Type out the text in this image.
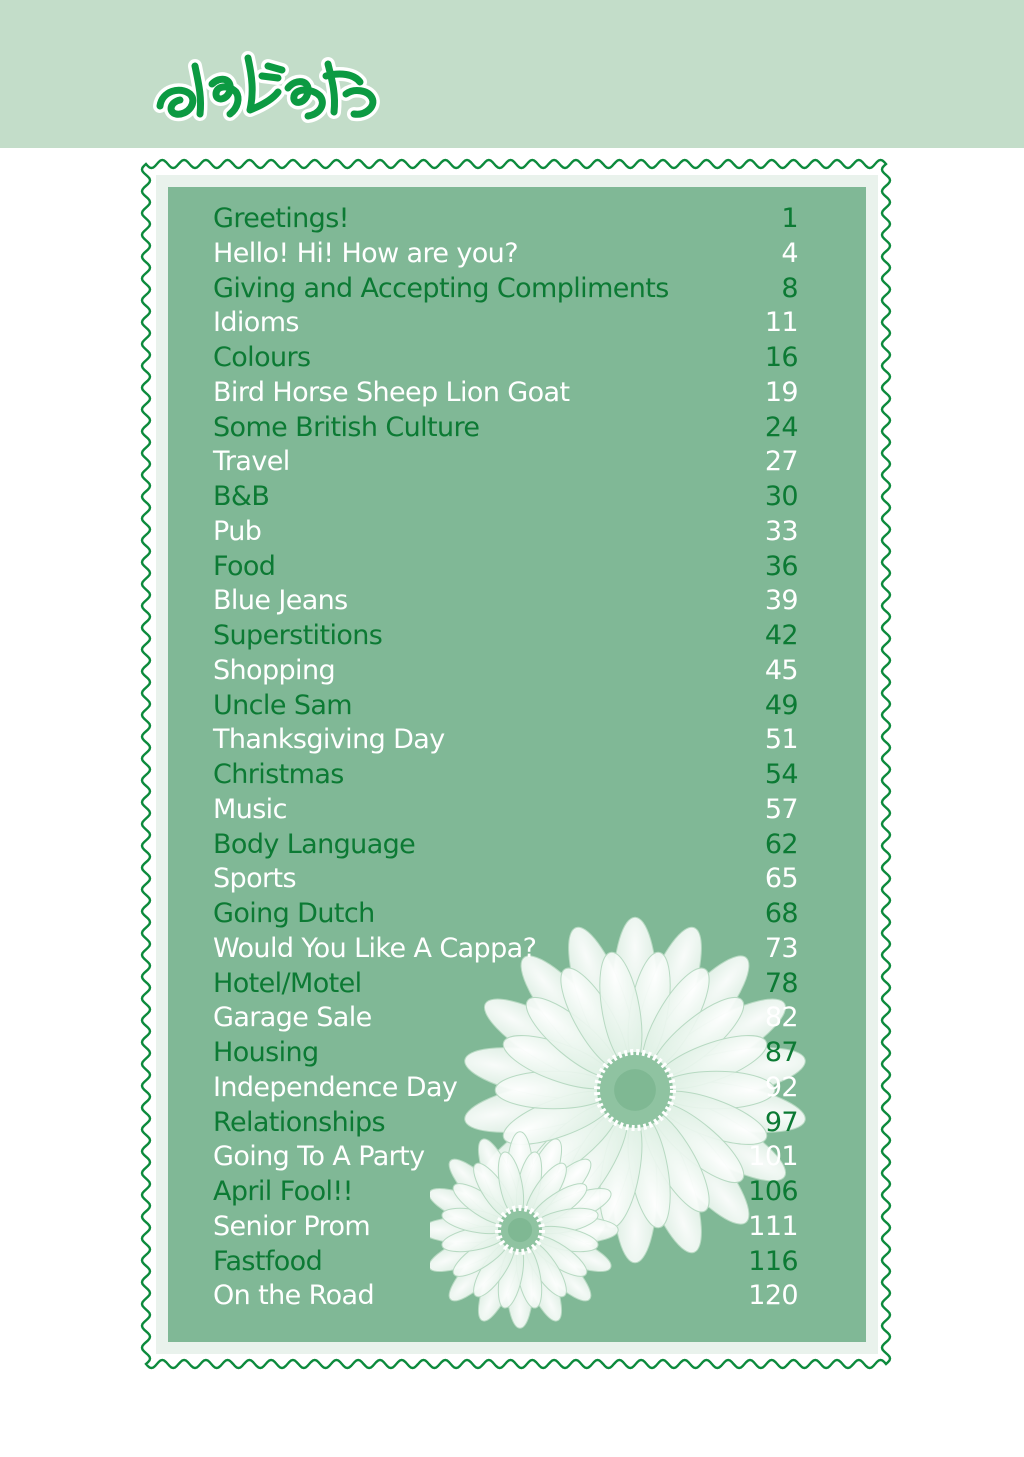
Greetings!	1
Hello! Hi! How are you?	4
Giving and Accepting Compliments	8
Idioms	11
Colours	16
Bird Horse Sheep Lion Goat	19
Some British Culture	24
Travel	27
B&B	30
Pub	33
Food	36
Blue Jeans	39
Superstitions	42
Shopping	45
Uncle Sam	49
Thanksgiving Day	51
Christmas	54
Music	57
Body Language	62
Sports	65
Going Dutch	68
Would You Like A Cappa?	73
Hotel/Motel	78
Garage Sale	82
Housing	87
Independence Day	92
Relationships	97
Going To A Party	101
April Fool!!	106
Senior Prom	111
Fastfood	116
On the Road	120
